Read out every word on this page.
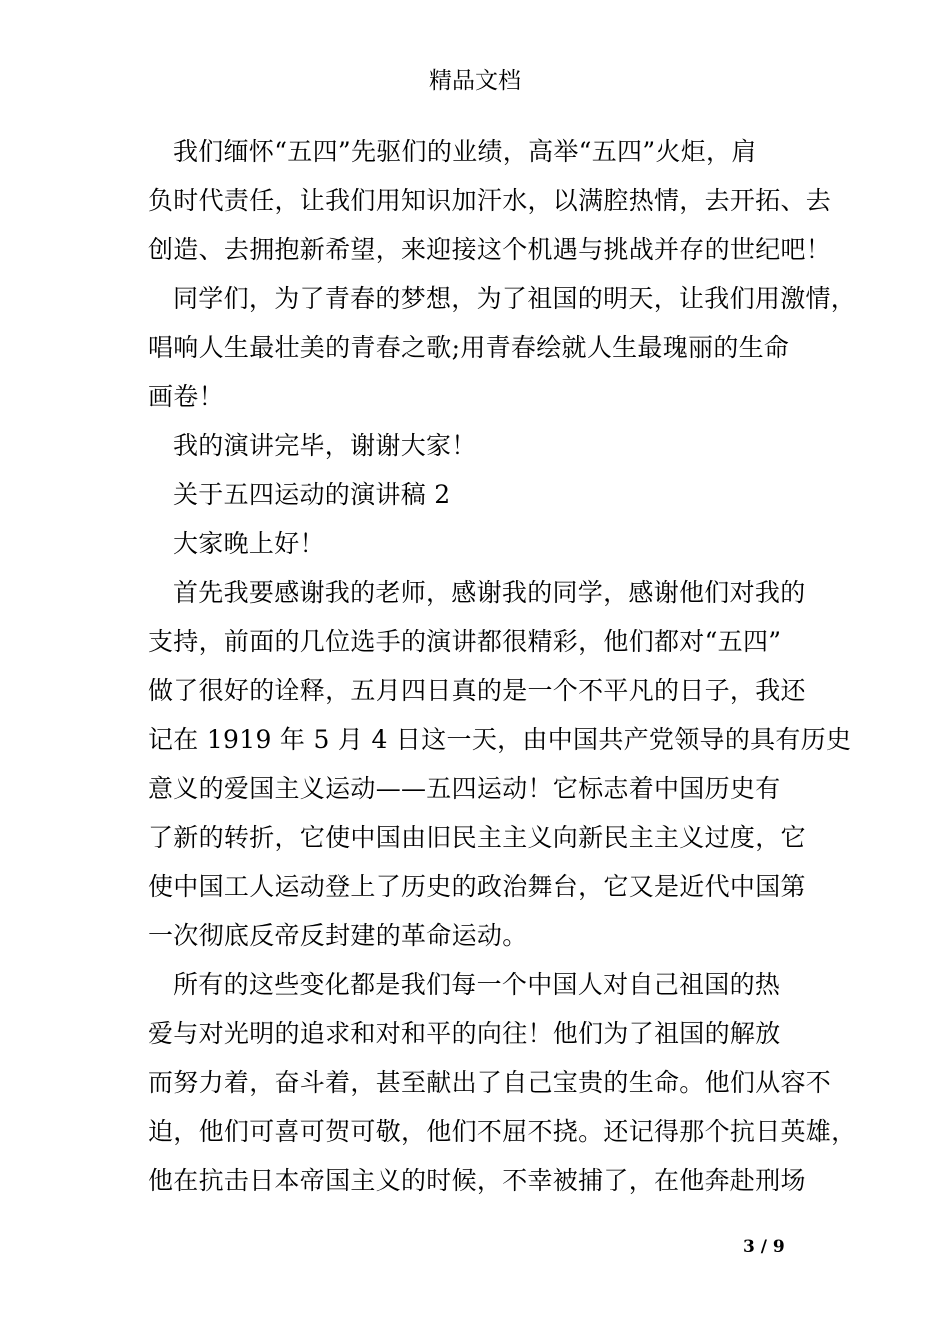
精品文档
我们缅怀“五四”先驱们的业绩，高举“五四”火炬，肩
负时代责任，让我们用知识加汗水，以满腔热情，去开拓、去
创造、去拥抱新希望，来迎接这个机遇与挑战并存的世纪吧！
同学们，为了青春的梦想，为了祖国的明天，让我们用激情，
唱响人生最壮美的青春之歌;用青春绘就人生最瑰丽的生命
画卷！
我的演讲完毕，谢谢大家！
关于五四运动的演讲稿 2
大家晚上好！
首先我要感谢我的老师，感谢我的同学，感谢他们对我的
支持，前面的几位选手的演讲都很精彩，他们都对“五四”
做了很好的诠释，五月四日真的是一个不平凡的日子，我还
记在 1919 年 5 月 4 日这一天，由中国共产党领导的具有历史
意义的爱国主义运动——五四运动！它标志着中国历史有
了新的转折，它使中国由旧民主主义向新民主主义过度，它
使中国工人运动登上了历史的政治舞台，它又是近代中国第
一次彻底反帝反封建的革命运动。
所有的这些变化都是我们每一个中国人对自己祖国的热
爱与对光明的追求和对和平的向往！他们为了祖国的解放
而努力着，奋斗着，甚至献出了自己宝贵的生命。他们从容不
迫，他们可喜可贺可敬，他们不屈不挠。还记得那个抗日英雄，
他在抗击日本帝国主义的时候，不幸被捕了，在他奔赴刑场
3 / 9
